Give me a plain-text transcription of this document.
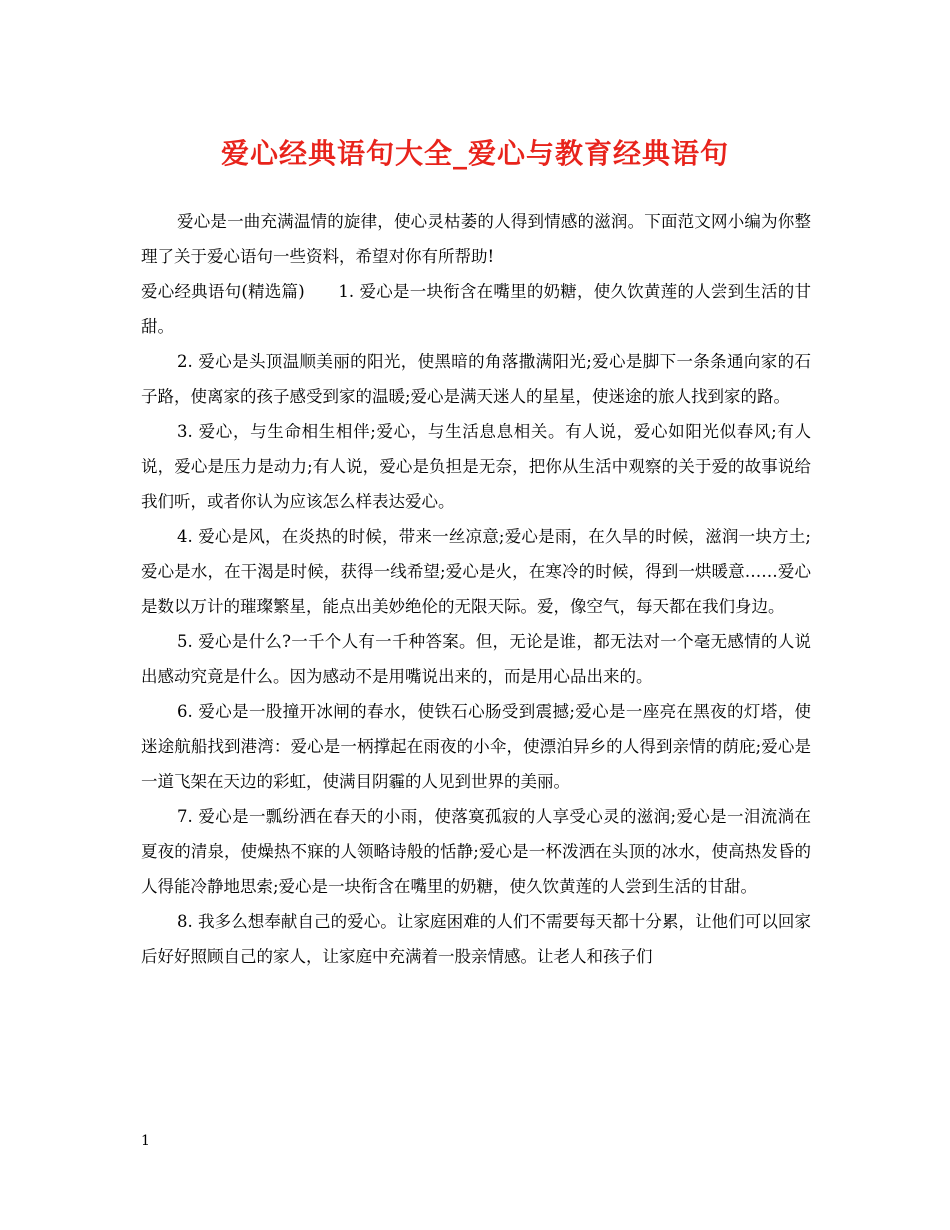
爱心经典语句大全_爱心与教育经典语句

爱心是一曲充满温情的旋律，使心灵枯萎的人得到情感的滋润。下面范文网小编为你整理了关于爱心语句一些资料，希望对你有所帮助!

爱心经典语句(精选篇)　　1. 爱心是一块衔含在嘴里的奶糖，使久饮黄莲的人尝到生活的甘甜。

2. 爱心是头顶温顺美丽的阳光，使黑暗的角落撒满阳光;爱心是脚下一条条通向家的石子路，使离家的孩子感受到家的温暖;爱心是满天迷人的星星，使迷途的旅人找到家的路。

3. 爱心，与生命相生相伴;爱心，与生活息息相关。有人说，爱心如阳光似春风;有人说，爱心是压力是动力;有人说，爱心是负担是无奈，把你从生活中观察的关于爱的故事说给我们听，或者你认为应该怎么样表达爱心。

4. 爱心是风，在炎热的时候，带来一丝凉意;爱心是雨，在久旱的时候，滋润一块方土;爱心是水，在干渴是时候，获得一线希望;爱心是火，在寒冷的时候，得到一烘暖意……爱心是数以万计的璀璨繁星，能点出美妙绝伦的无限天际。爱，像空气，每天都在我们身边。

5. 爱心是什么?一千个人有一千种答案。但，无论是谁，都无法对一个毫无感情的人说出感动究竟是什么。因为感动不是用嘴说出来的，而是用心品出来的。

6. 爱心是一股撞开冰闸的春水，使铁石心肠受到震撼;爱心是一座亮在黑夜的灯塔，使迷途航船找到港湾：爱心是一柄撑起在雨夜的小伞，使漂泊异乡的人得到亲情的荫庇;爱心是一道飞架在天边的彩虹，使满目阴霾的人见到世界的美丽。

7. 爱心是一瓢纷洒在春天的小雨，使落寞孤寂的人享受心灵的滋润;爱心是一泪流淌在夏夜的清泉，使燥热不寐的人领略诗般的恬静;爱心是一杯泼洒在头顶的冰水，使高热发昏的人得能冷静地思索;爱心是一块衔含在嘴里的奶糖，使久饮黄莲的人尝到生活的甘甜。

8. 我多么想奉献自己的爱心。让家庭困难的人们不需要每天都十分累，让他们可以回家后好好照顾自己的家人，让家庭中充满着一股亲情感。让老人和孩子们

1
